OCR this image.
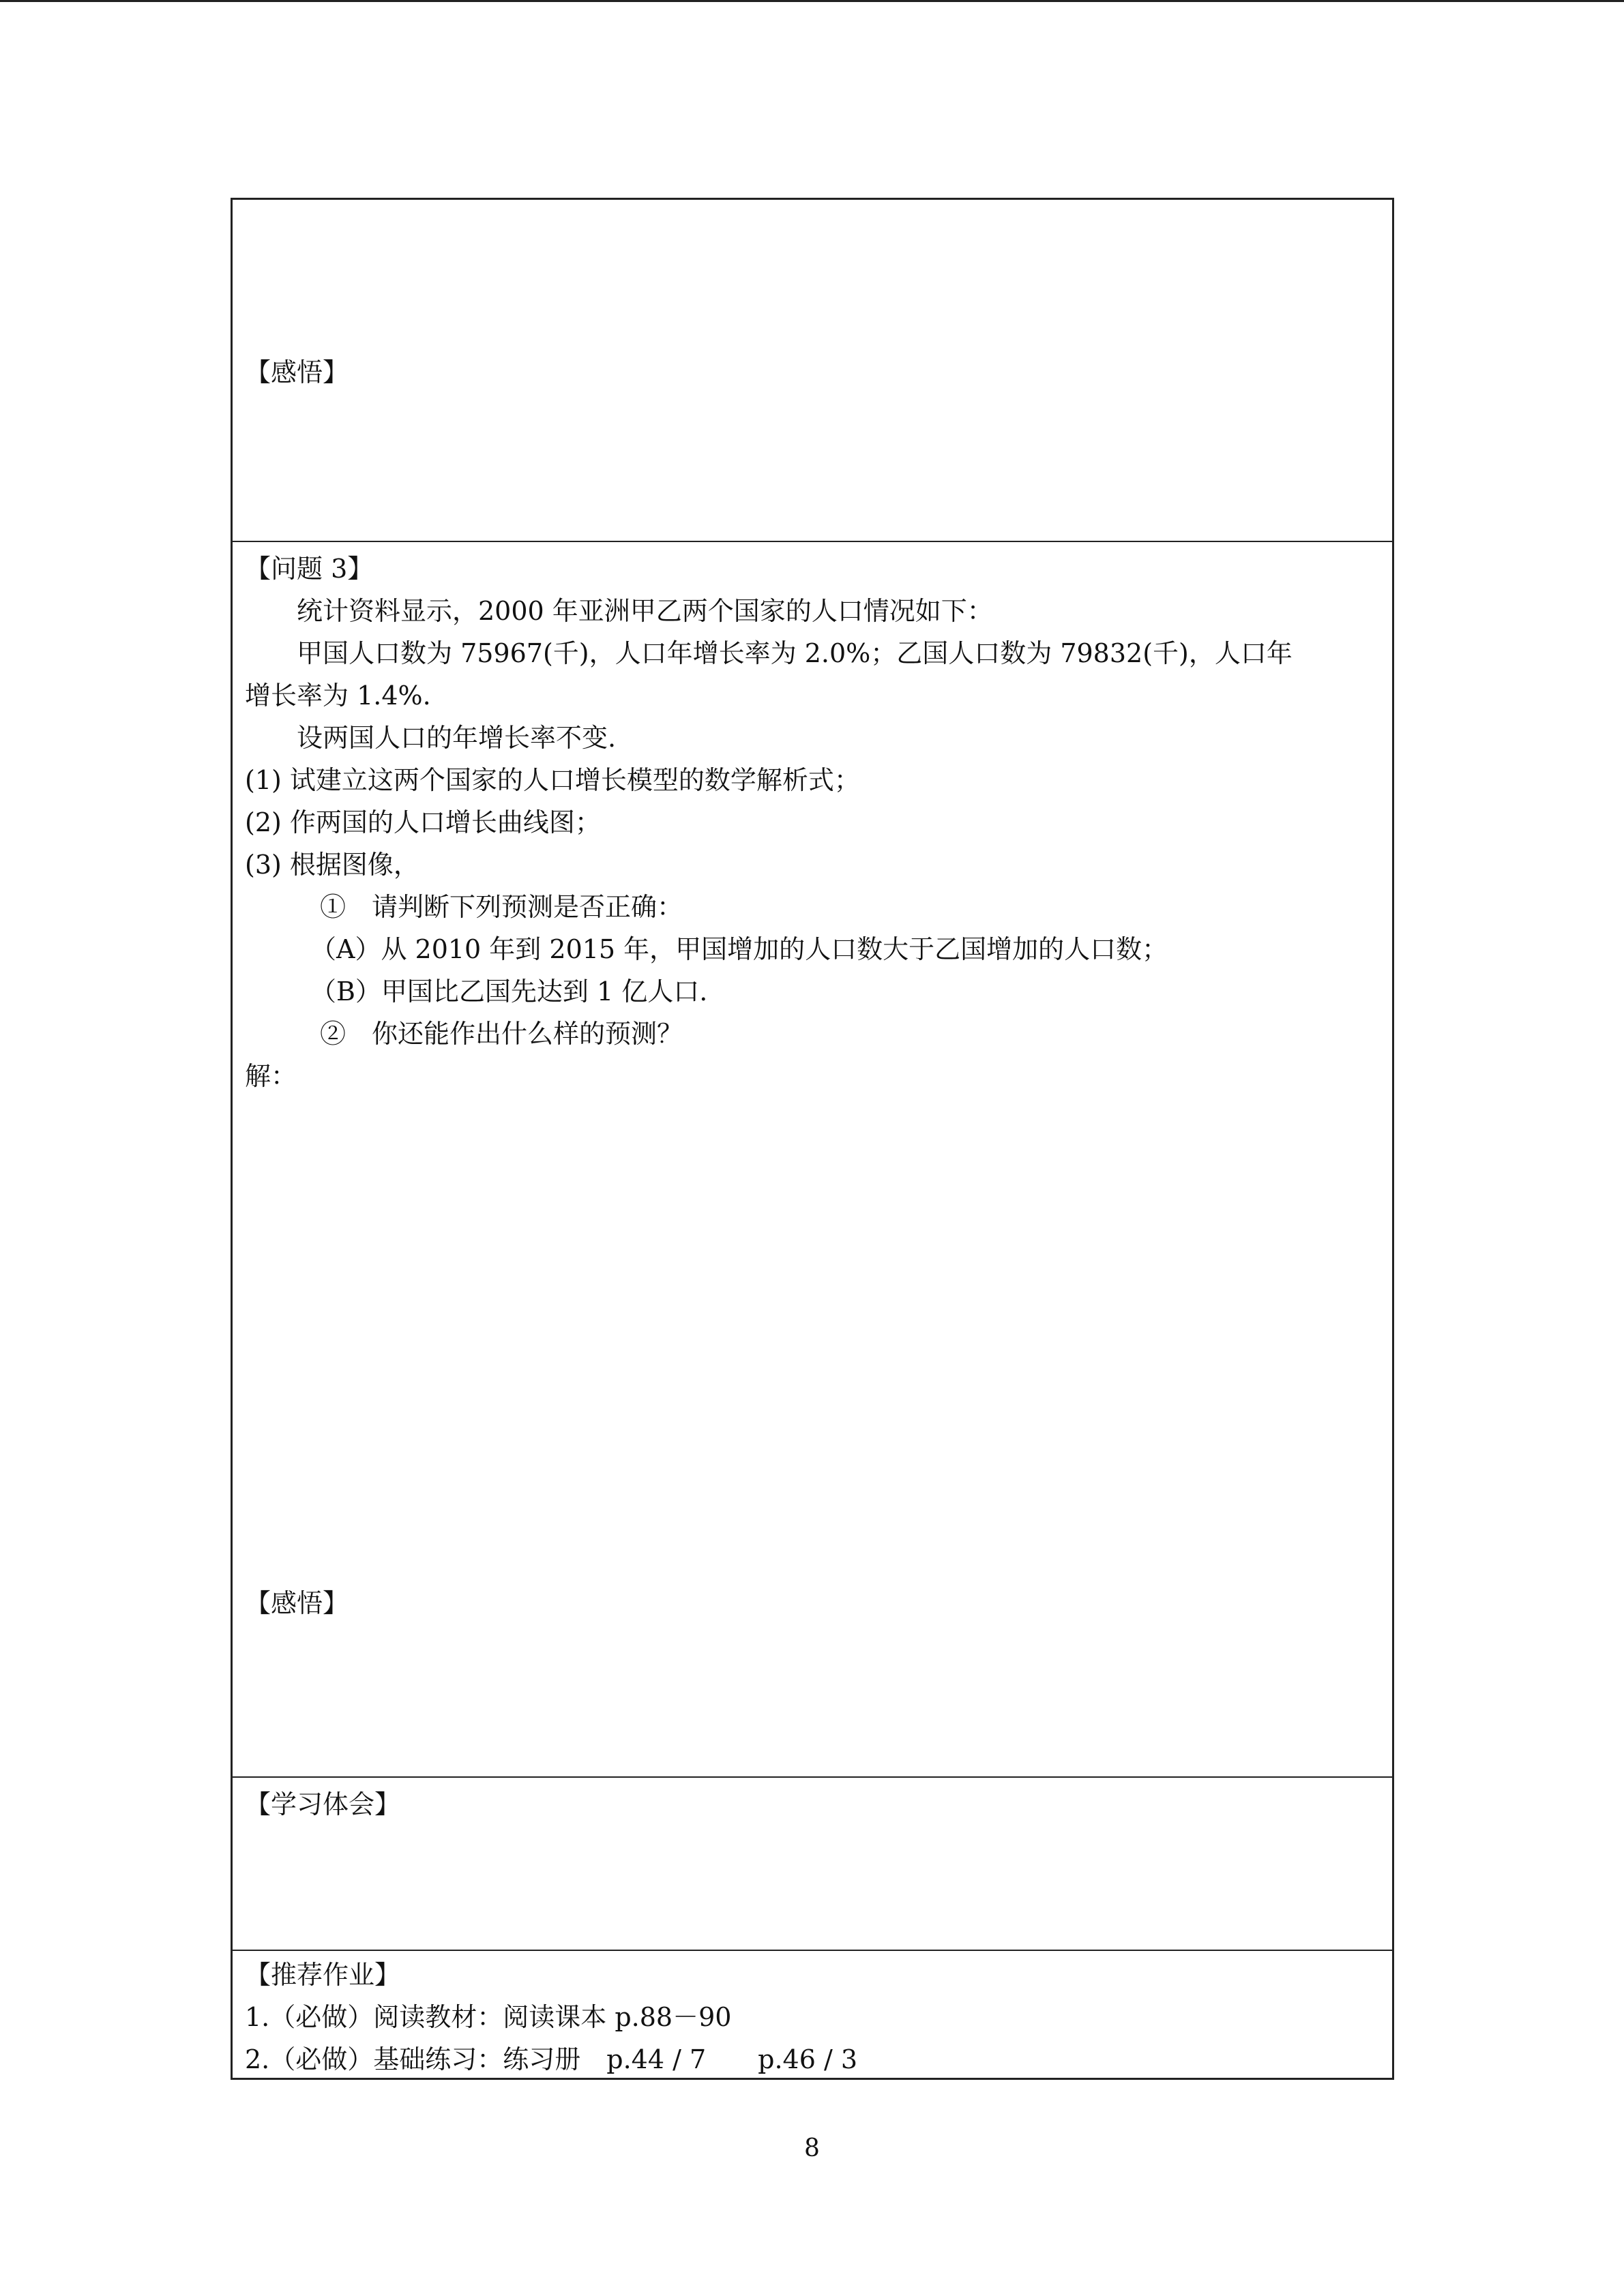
【感悟】
【问题 3】
统计资料显示，2000 年亚洲甲乙两个国家的人口情况如下：
甲国人口数为 75967(千)，人口年增长率为 2.0%；乙国人口数为 79832(千)，人口年
增长率为 1.4%.
设两国人口的年增长率不变.
(1) 试建立这两个国家的人口增长模型的数学解析式；
(2) 作两国的人口增长曲线图；
(3) 根据图像，
①　请判断下列预测是否正确：
（A）从 2010 年到 2015 年，甲国增加的人口数大于乙国增加的人口数；
（B）甲国比乙国先达到 1 亿人口.
②　你还能作出什么样的预测？
解：
【感悟】
【学习体会】
【推荐作业】
1.（必做）阅读教材：阅读课本 p.88－90
2.（必做）基础练习：练习册　p.44 / 7　　p.46 / 3
8
